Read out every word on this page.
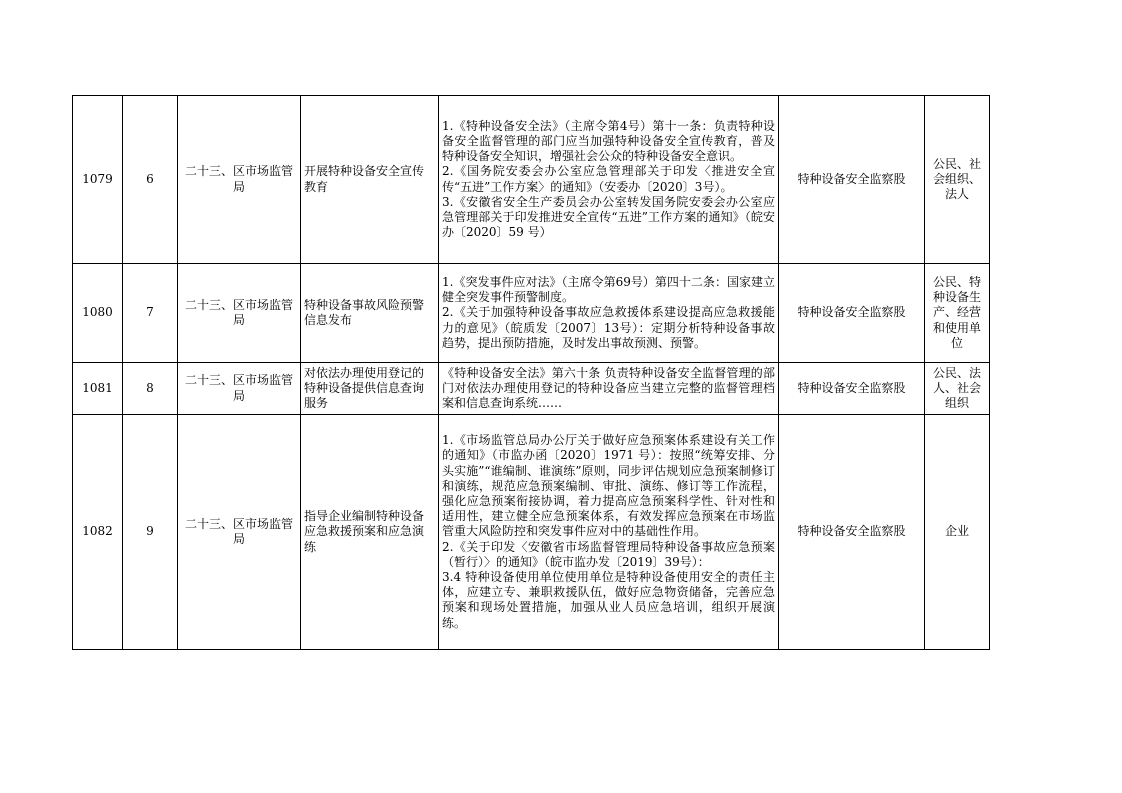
1079	6	二十三、区市场监管局	开展特种设备安全宣传教育	1.《特种设备安全法》（主席令第4号）第十一条：负责特种设备安全监督管理的部门应当加强特种设备安全宣传教育，普及特种设备安全知识，增强社会公众的特种设备安全意识。
2.《国务院安委会办公室应急管理部关于印发〈推进安全宣传“五进”工作方案〉的通知》（安委办〔2020〕3号）。
3.《安徽省安全生产委员会办公室转发国务院安委会办公室应急管理部关于印发推进安全宣传“五进”工作方案的通知》（皖安办〔2020〕59 号）	特种设备安全监察股	公民、社会组织、法人
1080	7	二十三、区市场监管局	特种设备事故风险预警信息发布	1.《突发事件应对法》（主席令第69号）第四十二条：国家建立健全突发事件预警制度。
2.《关于加强特种设备事故应急救援体系建设提高应急救援能力的意见》（皖质发〔2007〕13号）：定期分析特种设备事故趋势，提出预防措施，及时发出事故预测、预警。	特种设备安全监察股	公民、特种设备生产、经营和使用单位
1081	8	二十三、区市场监管局	对依法办理使用登记的特种设备提供信息查询服务	《特种设备安全法》第六十条 负责特种设备安全监督管理的部门对依法办理使用登记的特种设备应当建立完整的监督管理档案和信息查询系统……	特种设备安全监察股	公民、法人、社会组织
1082	9	二十三、区市场监管局	指导企业编制特种设备应急救援预案和应急演练	1.《市场监管总局办公厅关于做好应急预案体系建设有关工作的通知》（市监办函〔2020〕1971 号）：按照“统筹安排、分头实施”“谁编制、谁演练”原则，同步评估规划应急预案制修订和演练，规范应急预案编制、审批、演练、修订等工作流程，强化应急预案衔接协调，着力提高应急预案科学性、针对性和适用性，建立健全应急预案体系，有效发挥应急预案在市场监管重大风险防控和突发事件应对中的基础性作用。
2.《关于印发〈安徽省市场监督管理局特种设备事故应急预案（暂行）〉的通知》（皖市监办发〔2019〕39号）：
3.4 特种设备使用单位使用单位是特种设备使用安全的责任主体，应建立专、兼职救援队伍，做好应急物资储备，完善应急预案和现场处置措施，加强从业人员应急培训，组织开展演练。	特种设备安全监察股	企业
